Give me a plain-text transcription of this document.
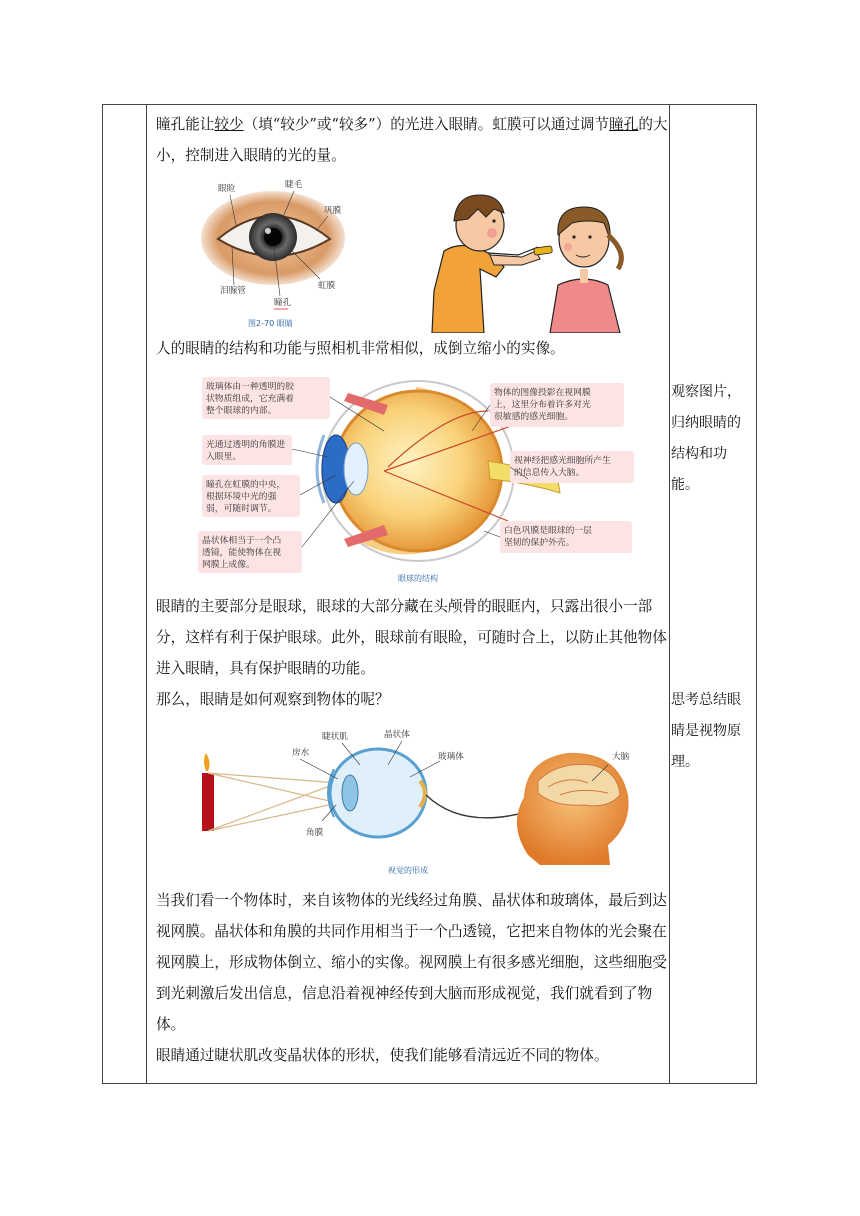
瞳孔能让较少（填“较少”或“较多”）的光进入眼睛。虹膜可以通过调节瞳孔的大小，控制进入眼睛的光的量。

眼睑	睫毛
巩膜
虹膜
泪腺管
瞳孔
图2-70 眼睛

人的眼睛的结构和功能与照相机非常相似，成倒立缩小的实像。

玻璃体由一种透明的胶状物质组成，它充满着整个眼球的内部。
光通过透明的角膜进入眼里。
瞳孔在虹膜的中央，根据环境中光的强弱，可随时调节。
晶状体相当于一个凸透镜，能使物体在视网膜上成像。
物体的图像投影在视网膜上，这里分布着许多对光很敏感的感光细胞。
视神经把感光细胞所产生的信息传入大脑。
白色巩膜是眼球的一层坚韧的保护外壳。
眼球的结构

眼睛的主要部分是眼球，眼球的大部分藏在头颅骨的眼眶内，只露出很小一部分，这样有利于保护眼球。此外，眼球前有眼睑，可随时合上，以防止其他物体进入眼睛，具有保护眼睛的功能。

那么，眼睛是如何观察到物体的呢？

睫状肌	晶状体
房水	玻璃体
角膜
大脑
视觉的形成

当我们看一个物体时，来自该物体的光线经过角膜、晶状体和玻璃体，最后到达视网膜。晶状体和角膜的共同作用相当于一个凸透镜，它把来自物体的光会聚在视网膜上，形成物体倒立、缩小的实像。视网膜上有很多感光细胞，这些细胞受到光刺激后发出信息，信息沿着视神经传到大脑而形成视觉，我们就看到了物体。

眼睛通过睫状肌改变晶状体的形状，使我们能够看清远近不同的物体。

观察图片，归纳眼睛的结构和功能。
思考总结眼睛是视物原理。
